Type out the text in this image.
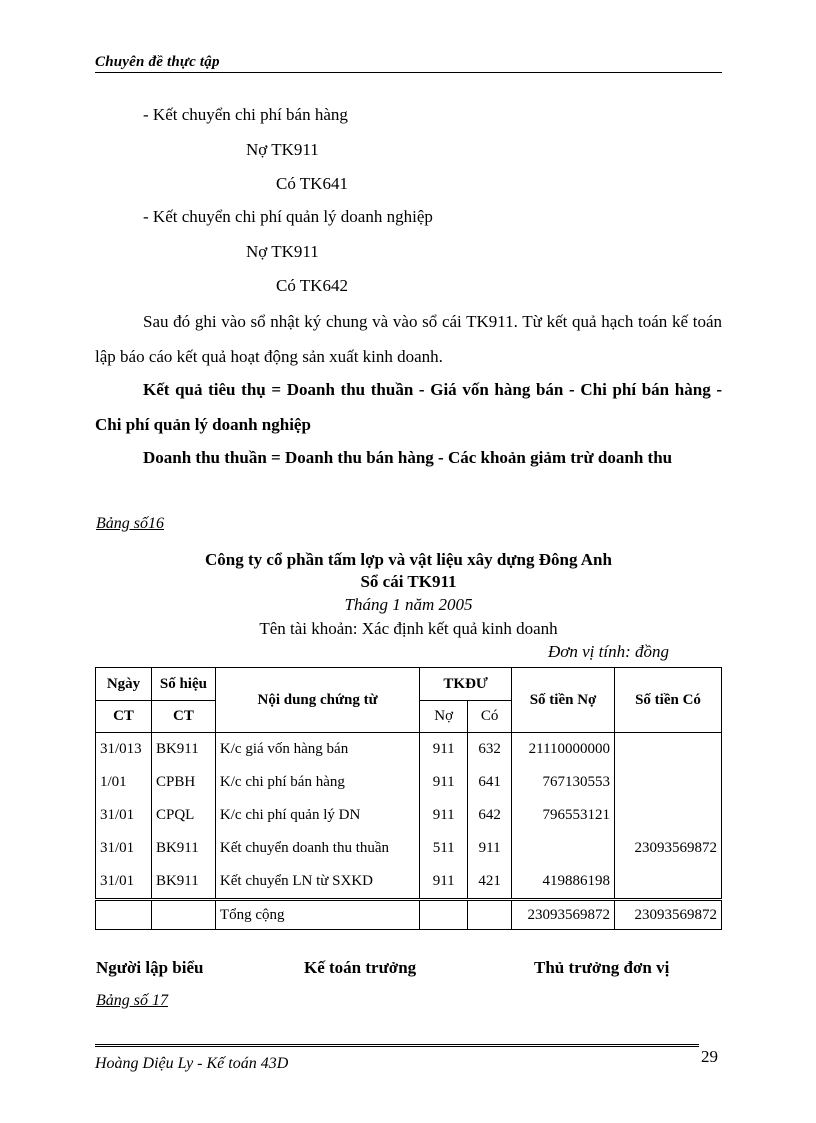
Chuyên đề thực tập
- Kết chuyển chi phí bán hàng
Nợ TK911
Có TK641
- Kết chuyển chi phí quản lý doanh nghiệp
Nợ TK911
Có TK642
Sau đó ghi vào sổ nhật ký chung và vào sổ cái TK911. Từ kết quả hạch toán kế toán lập báo cáo kết quả hoạt động sản xuất kinh doanh.
Kết quả tiêu thụ = Doanh thu thuần - Giá vốn hàng bán - Chi phí bán hàng - Chi phí quản lý doanh nghiệp
Doanh thu thuần = Doanh thu bán hàng - Các khoản giảm trừ doanh thu
Bảng số16
Công ty cổ phần tấm lợp và vật liệu xây dựng Đông Anh
Sổ cái TK911
Tháng 1 năm 2005
Tên tài khoản: Xác định kết quả kinh doanh
Đơn vị tính: đồng
Ngày	Số hiệu	Nội dung chứng từ	TKĐƯ		Số tiền Nợ	Số tiền Có
CT	CT		Nợ	Có		
31/013	BK911	K/c giá vốn hàng bán	911	632	21110000000	
1/01	CPBH	K/c chi phí bán hàng	911	641	767130553	
31/01	CPQL	K/c chi phí quản lý DN	911	642	796553121	
31/01	BK911	Kết chuyển doanh thu thuần	511	911		23093569872
31/01	BK911	Kết chuyển LN từ SXKD	911	421	419886198	
		Tổng cộng			23093569872	23093569872
Người lập biểu	Kế toán trưởng	Thủ trưởng đơn vị
Bảng số 17
Hoàng Diệu Ly - Kế toán 43D	29
